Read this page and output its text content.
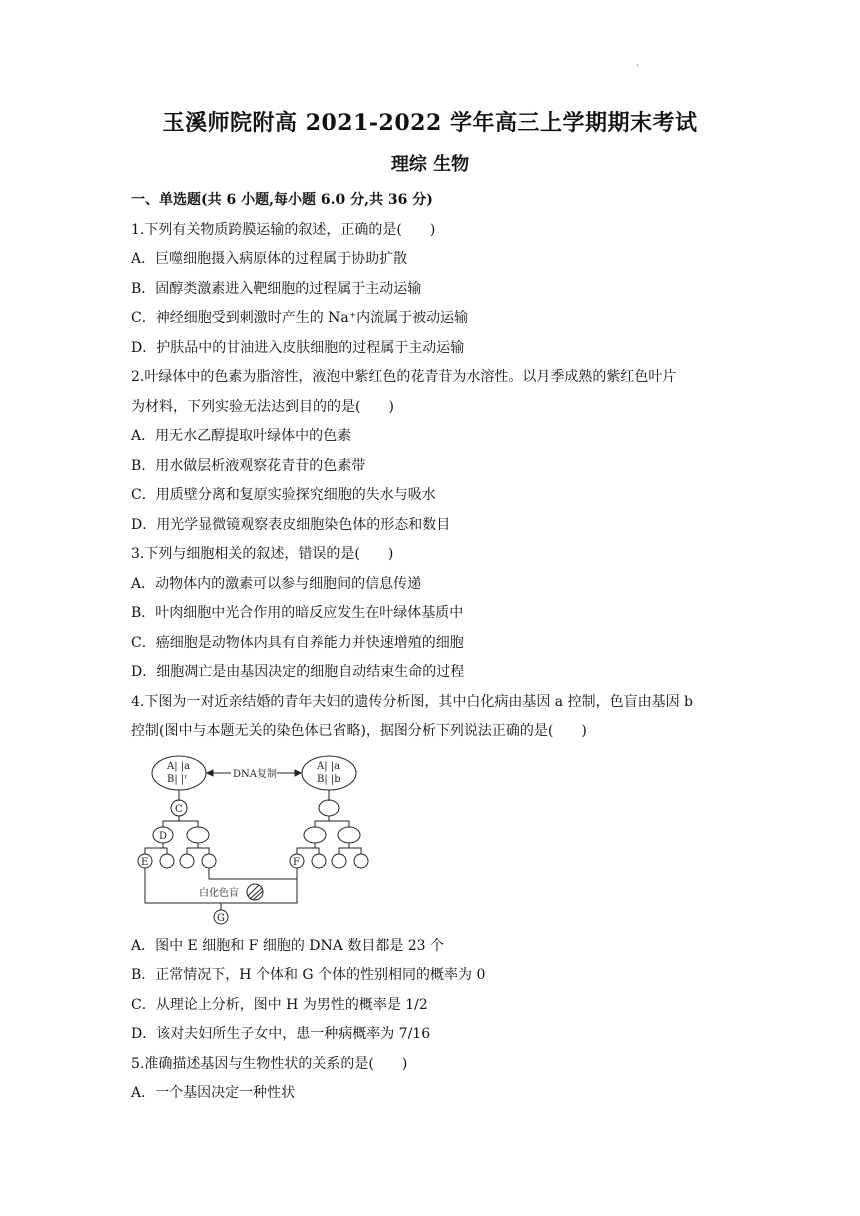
.
玉溪师院附高 2021-2022 学年高三上学期期末考试
理综 生物
一、单选题(共 6 小题,每小题 6.0 分,共 36 分)
1.下列有关物质跨膜运输的叙述，正确的是(　　)
A．巨噬细胞摄入病原体的过程属于协助扩散
B．固醇类激素进入靶细胞的过程属于主动运输
C．神经细胞受到刺激时产生的 Na⁺内流属于被动运输
D．护肤品中的甘油进入皮肤细胞的过程属于主动运输
2.叶绿体中的色素为脂溶性，液泡中紫红色的花青苷为水溶性。以月季成熟的紫红色叶片
为材料，下列实验无法达到目的的是(　　)
A．用无水乙醇提取叶绿体中的色素
B．用水做层析液观察花青苷的色素带
C．用质壁分离和复原实验探究细胞的失水与吸水
D．用光学显微镜观察表皮细胞染色体的形态和数目
3.下列与细胞相关的叙述，错误的是(　　)
A．动物体内的激素可以参与细胞间的信息传递
B．叶肉细胞中光合作用的暗反应发生在叶绿体基质中
C．癌细胞是动物体内具有自养能力并快速增殖的细胞
D．细胞凋亡是由基因决定的细胞自动结束生命的过程
4.下图为一对近亲结婚的青年夫妇的遗传分析图，其中白化病由基因 a 控制，色盲由基因 b
控制(图中与本题无关的染色体已省略)，据图分析下列说法正确的是(　　)
A| |a
B| |ʳ
A| |a
B| |b
DNA复制
C
D
E	F
白化色盲
G
A．图中 E 细胞和 F 细胞的 DNA 数目都是 23 个
B．正常情况下，H 个体和 G 个体的性别相同的概率为 0
C．从理论上分析，图中 H 为男性的概率是 1/2
D．该对夫妇所生子女中，患一种病概率为 7/16
5.准确描述基因与生物性状的关系的是(　　)
A．一个基因决定一种性状
